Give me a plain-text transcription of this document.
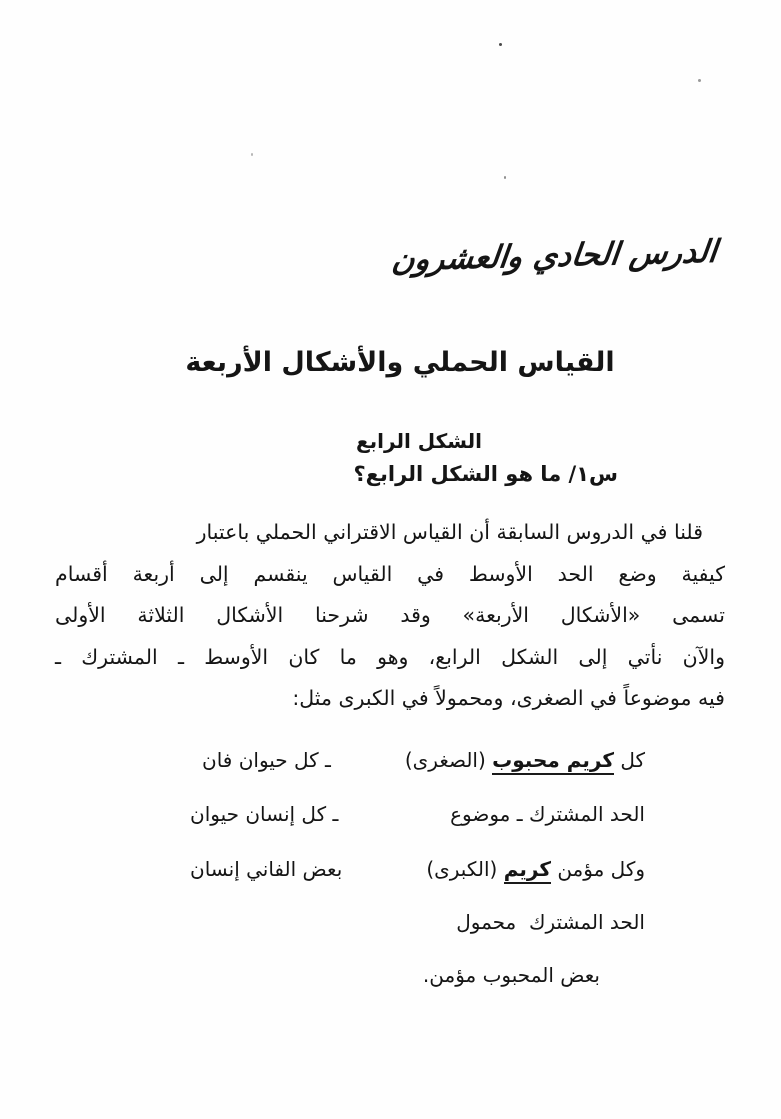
الدرس الحادي والعشرون
القياس الحملي والأشكال الأربعة
الشكل الرابع
س١/ ما هو الشكل الرابع؟
قلنا في الدروس السابقة أن القياس الاقتراني الحملي باعتبار
كيفية وضع الحد الأوسط في القياس ينقسم إلى أربعة أقسام
تسمى «الأشكال الأربعة» وقد شرحنا الأشكال الثلاثة الأولى
والآن نأتي إلى الشكل الرابع، وهو ما كان الأوسط ـ المشترك ـ
فيه موضوعاً في الصغرى، ومحمولاً في الكبرى مثل:
كل كريم محبوب (الصغرى)
ـ كل حيوان فان
الحد المشترك ـ موضوع
ـ كل إنسان حيوان
وكل مؤمن كريم (الكبرى)
بعض الفاني إنسان
الحد المشترك  محمول
بعض المحبوب مؤمن.
